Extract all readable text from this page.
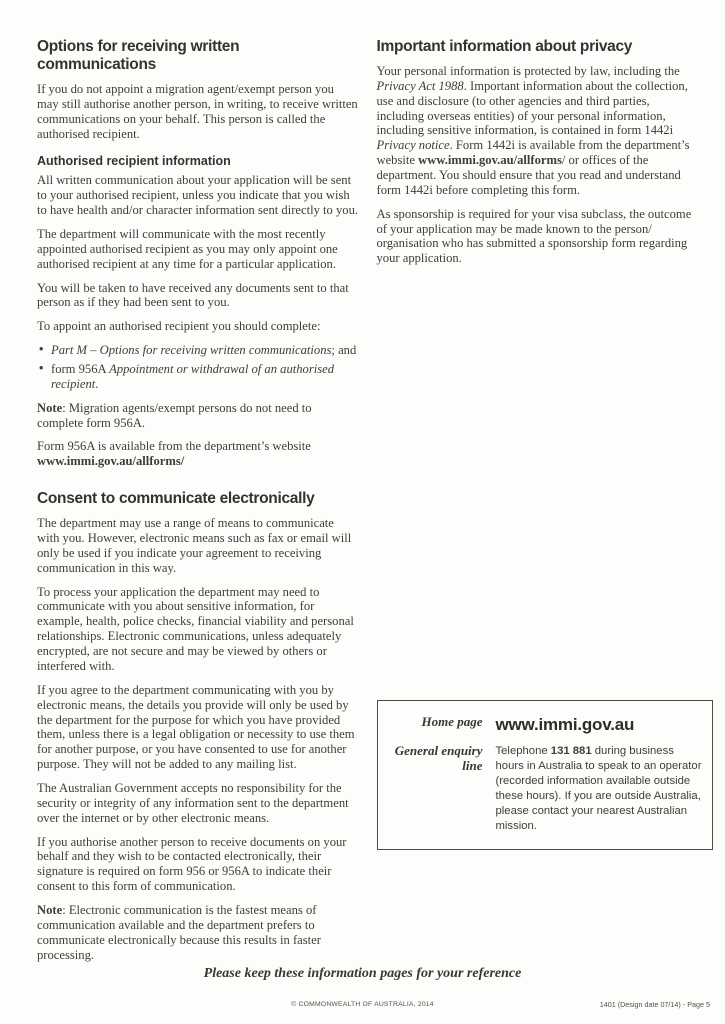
Options for receiving written communications

If you do not appoint a migration agent/exempt person you may still authorise another person, in writing, to receive written communications on your behalf. This person is called the authorised recipient.

Authorised recipient information

All written communication about your application will be sent to your authorised recipient, unless you indicate that you wish to have health and/or character information sent directly to you.

The department will communicate with the most recently appointed authorised recipient as you may only appoint one authorised recipient at any time for a particular application.

You will be taken to have received any documents sent to that person as if they had been sent to you.

To appoint an authorised recipient you should complete:

• Part M – Options for receiving written communications; and
• form 956A Appointment or withdrawal of an authorised recipient.

Note: Migration agents/exempt persons do not need to complete form 956A.

Form 956A is available from the department’s website www.immi.gov.au/allforms/

Consent to communicate electronically

The department may use a range of means to communicate with you. However, electronic means such as fax or email will only be used if you indicate your agreement to receiving communication in this way.

To process your application the department may need to communicate with you about sensitive information, for example, health, police checks, financial viability and personal relationships. Electronic communications, unless adequately encrypted, are not secure and may be viewed by others or interfered with.

If you agree to the department communicating with you by electronic means, the details you provide will only be used by the department for the purpose for which you have provided them, unless there is a legal obligation or necessity to use them for another purpose, or you have consented to use for another purpose. They will not be added to any mailing list.

The Australian Government accepts no responsibility for the security or integrity of any information sent to the department over the internet or by other electronic means.

If you authorise another person to receive documents on your behalf and they wish to be contacted electronically, their signature is required on form 956 or 956A to indicate their consent to this form of communication.

Note: Electronic communication is the fastest means of communication available and the department prefers to communicate electronically because this results in faster processing.

Important information about privacy

Your personal information is protected by law, including the Privacy Act 1988. Important information about the collection, use and disclosure (to other agencies and third parties, including overseas entities) of your personal information, including sensitive information, is contained in form 1442i Privacy notice. Form 1442i is available from the department’s website www.immi.gov.au/allforms/ or offices of the department. You should ensure that you read and understand form 1442i before completing this form.

As sponsorship is required for your visa subclass, the outcome of your application may be made known to the person/ organisation who has submitted a sponsorship form regarding your application.

Home page www.immi.gov.au
General enquiry line
Telephone 131 881 during business hours in Australia to speak to an operator (recorded information available outside these hours). If you are outside Australia, please contact your nearest Australian mission.
Please keep these information pages for your reference
© COMMONWEALTH OF AUSTRALIA, 2014	1401 (Design date 07/14) - Page 5
